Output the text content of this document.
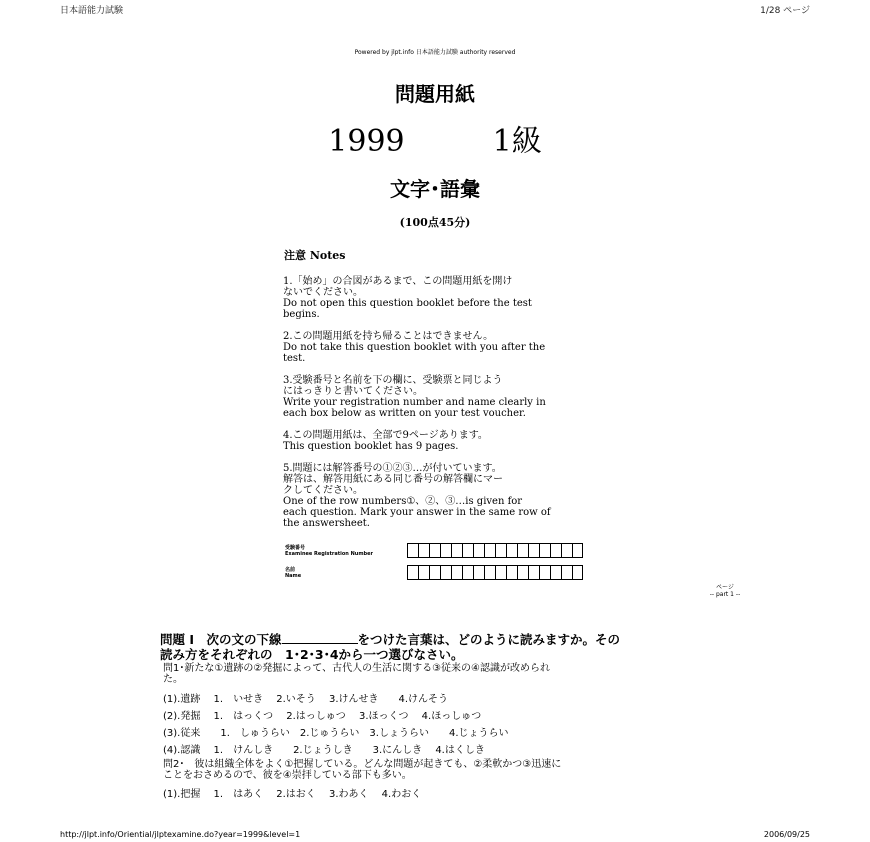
日本語能力試験	1/28 ページ
Powered by jlpt.info 日本語能力試験 authority reserved
問題用紙
1999	1級
文字･語彙
(100点45分)
注意 Notes
1.「始め」の合図があるまで、この問題用紙を開け
ないでください。
Do not open this question booklet before the test
begins.
2.この問題用紙を持ち帰ることはできません。
Do not take this question booklet with you after the
test.
3.受験番号と名前を下の欄に、受験票と同じよう
にはっきりと書いてください。
Write your registration number and name clearly in
each box below as written on your test voucher.
4.この問題用紙は、全部で9ページあります。
This question booklet has 9 pages.
5.問題には解答番号の①②③…が付いています。
解答は、解答用紙にある同じ番号の解答欄にマー
クしてください。
One of the row numbers①、②、③…is given for
each question. Mark your answer in the same row of
the answersheet.
受験番号
Examinee Registration Number
名前
Name
ページ
-- part 1 --
問題 I　次の文の下線	をつけた言葉は、どのように読みますか。その
読み方をそれぞれの　1･2･3･4から一つ選びなさい。
問1･新たな①遺跡の②発掘によって、古代人の生活に関する③従来の④認識が改められ
た。
(1).遺跡　 1.　いせき　 2.いそう　 3.けんせき　　4.けんそう
(2).発掘　 1.　はっくつ　 2.はっしゅつ　 3.ほっくつ　 4.ほっしゅつ
(3).従来　　1.　しゅうらい　2.じゅうらい　3.しょうらい　　4.じょうらい
(4).認識　 1.　けんしき　　2.じょうしき　　3.にんしき　 4.はくしき
問2･　彼は組織全体をよく①把握している。どんな問題が起きても、②柔軟かつ③迅速に
ことをおさめるので、彼を④崇拝している部下も多い。
(1).把握　 1.　はあく　 2.はおく　 3.わあく　 4.わおく
http://jlpt.info/Oriential/jlptexamine.do?year=1999&level=1	2006/09/25
